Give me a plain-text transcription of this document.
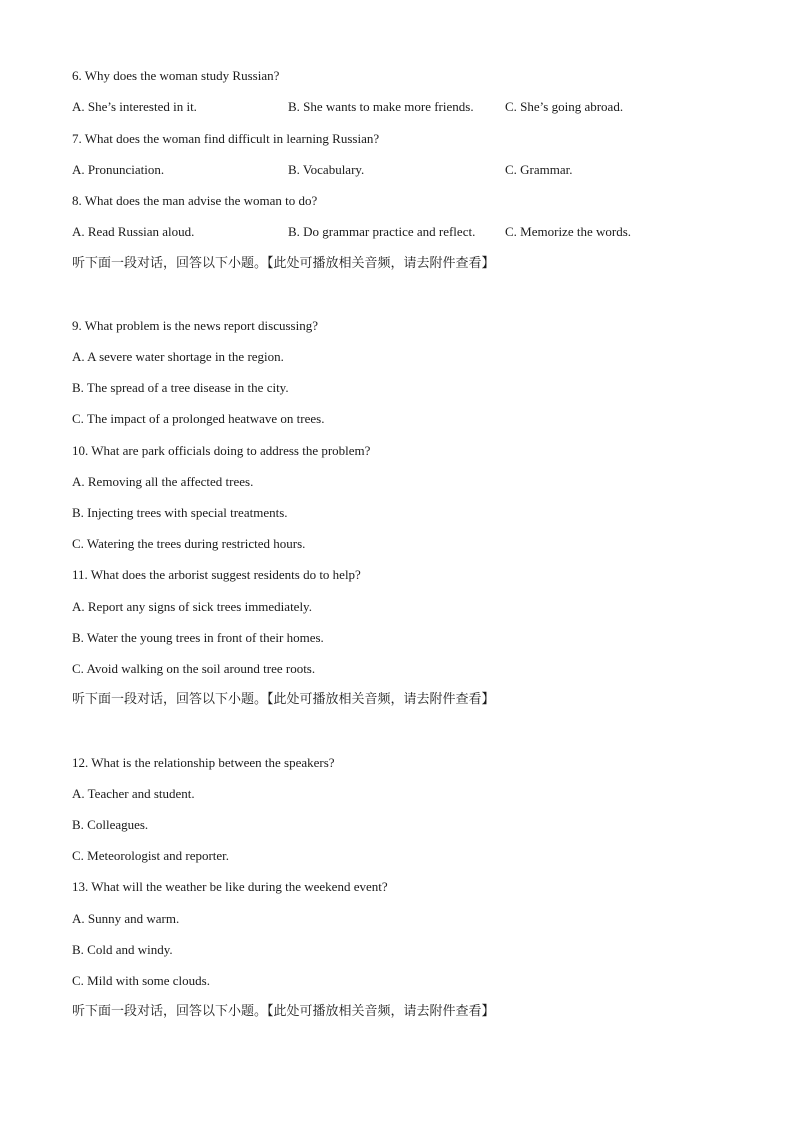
6. Why does the woman study Russian?
A. She’s interested in it.	B. She wants to make more friends. C. She’s going abroad.
7. What does the woman find difficult in learning Russian?
A. Pronunciation.	B. Vocabulary.	C. Grammar.
8. What does the man advise the woman to do?
A. Read Russian aloud.	B. Do grammar practice and reflect. C. Memorize the words.
听下面一段对话，回答以下小题。【此处可播放相关音频，请去附件查看】
9. What problem is the news report discussing?
A. A severe water shortage in the region.
B. The spread of a tree disease in the city.
C. The impact of a prolonged heatwave on trees.
10. What are park officials doing to address the problem?
A. Removing all the affected trees.
B. Injecting trees with special treatments.
C. Watering the trees during restricted hours.
11. What does the arborist suggest residents do to help?
A. Report any signs of sick trees immediately.
B. Water the young trees in front of their homes.
C. Avoid walking on the soil around tree roots.
听下面一段对话，回答以下小题。【此处可播放相关音频，请去附件查看】
12. What is the relationship between the speakers?
A. Teacher and student.
B. Colleagues.
C. Meteorologist and reporter.
13. What will the weather be like during the weekend event?
A. Sunny and warm.
B. Cold and windy.
C. Mild with some clouds.
听下面一段对话，回答以下小题。【此处可播放相关音频，请去附件查看】
